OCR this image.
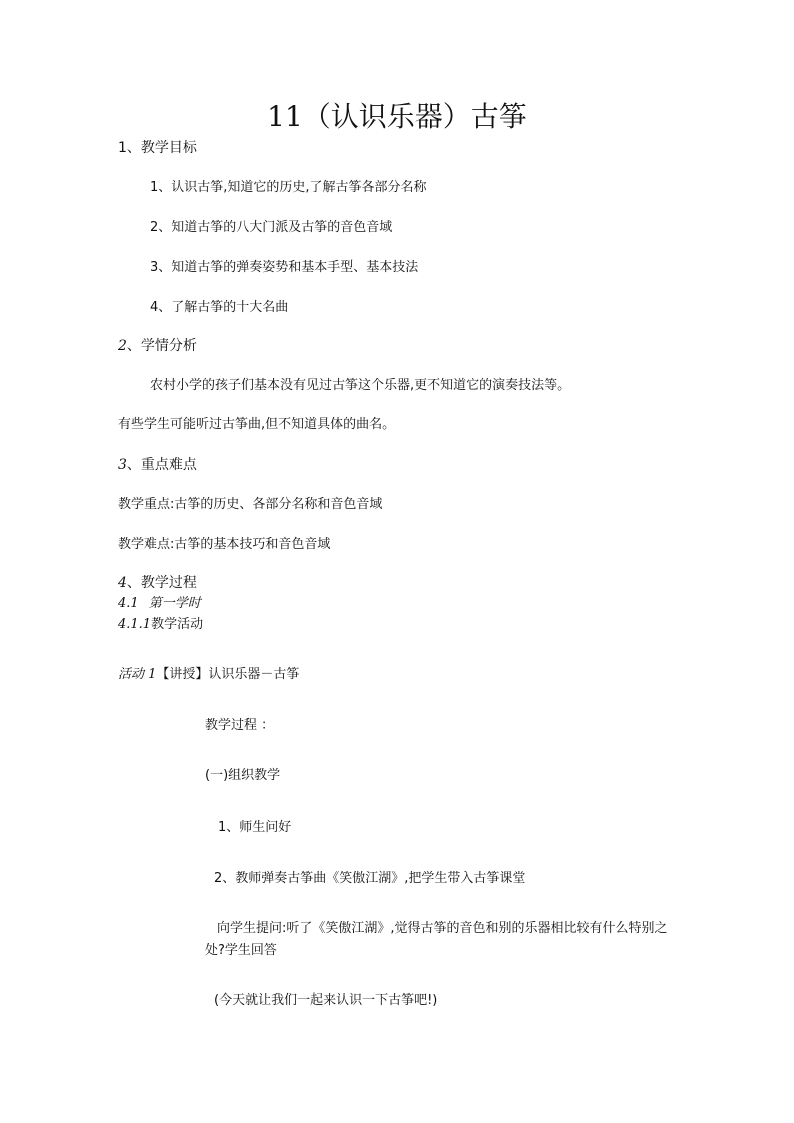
11（认识乐器）古筝
1、教学目标
1、认识古筝,知道它的历史,了解古筝各部分名称
2、知道古筝的八大门派及古筝的音色音域
3、知道古筝的弹奏姿势和基本手型、基本技法
4、了解古筝的十大名曲
2、学情分析
农村小学的孩子们基本没有见过古筝这个乐器,更不知道它的演奏技法等。
有些学生可能听过古筝曲,但不知道具体的曲名。
3、重点难点
教学重点:古筝的历史、各部分名称和音色音域
教学难点:古筝的基本技巧和音色音域
4、教学过程
4.1 第一学时
4.1.1教学活动
活动 1【讲授】认识乐器－古筝
教学过程 ：
(一)组织教学
1、师生问好
2、教师弹奏古筝曲《笑傲江湖》,把学生带入古筝课堂
向学生提问:听了《笑傲江湖》,觉得古筝的音色和别的乐器相比较有什么特别之处?学生回答
(今天就让我们一起来认识一下古筝吧!)
